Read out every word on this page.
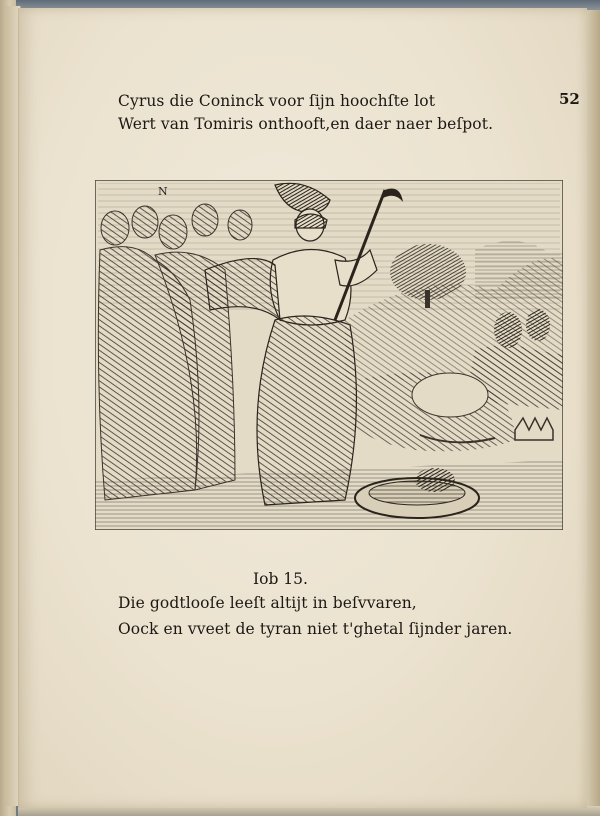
Cyrus die Coninck voor ſijn hoochſte lot
Wert van Tomiris onthooft,en daer naer beſpot.
52
N
Iob 15.
Die godtlooſe leeſt altijt in beſvvaren,
Oock en vveet de tyran niet t'ghetal ſijnder jaren.
